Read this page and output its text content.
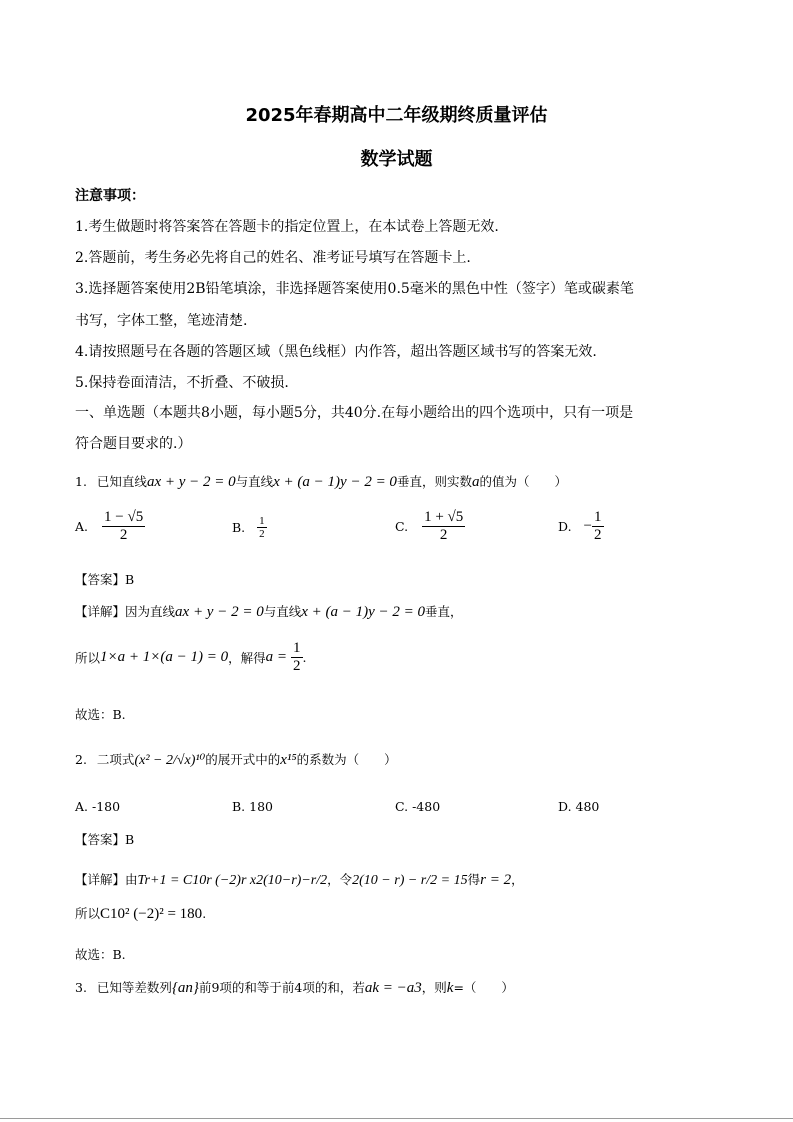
2025年春期高中二年级期终质量评估
数学试题
注意事项：
1.考生做题时将答案答在答题卡的指定位置上，在本试卷上答题无效.
2.答题前，考生务必先将自己的姓名、准考证号填写在答题卡上.
3.选择题答案使用2B铅笔填涂，非选择题答案使用0.5毫米的黑色中性（签字）笔或碳素笔
书写，字体工整，笔迹清楚.
4.请按照题号在各题的答题区域（黑色线框）内作答，超出答题区域书写的答案无效.
5.保持卷面清洁，不折叠、不破损.
一、单选题（本题共8小题，每小题5分，共40分.在每小题给出的四个选项中，只有一项是
符合题目要求的.）
1. 已知直线ax + y − 2 = 0与直线x + (a − 1)y − 2 = 0垂直，则实数a的值为（　　）
A. $\frac{1 - √5}{2}$	B. $\frac{1}{2}$	C. $\frac{1 + √5}{2}$	D. − $\frac{1}{2}$
【答案】B
【详解】因为直线ax + y − 2 = 0与直线x + (a − 1)y − 2 = 0垂直，
所以1×a + 1×(a − 1) = 0，解得$a = \frac{1}{2}$ .
故选：B.
2. 二项式(x² − 2/√x)¹⁰的展开式中的x¹⁵的系数为（　　）
A. -180	B. 180	C. -480	D. 480
【答案】B
【详解】由Tr+1 = C10r (−2)r x2(10−r)−r/2，令2(10 − r) − r/2 = 15得r = 2，
所以C10² (−2)² = 180.
故选：B.
3. 已知等差数列{an}前9项的和等于前4项的和，若ak = −a3，则k=（　　）
